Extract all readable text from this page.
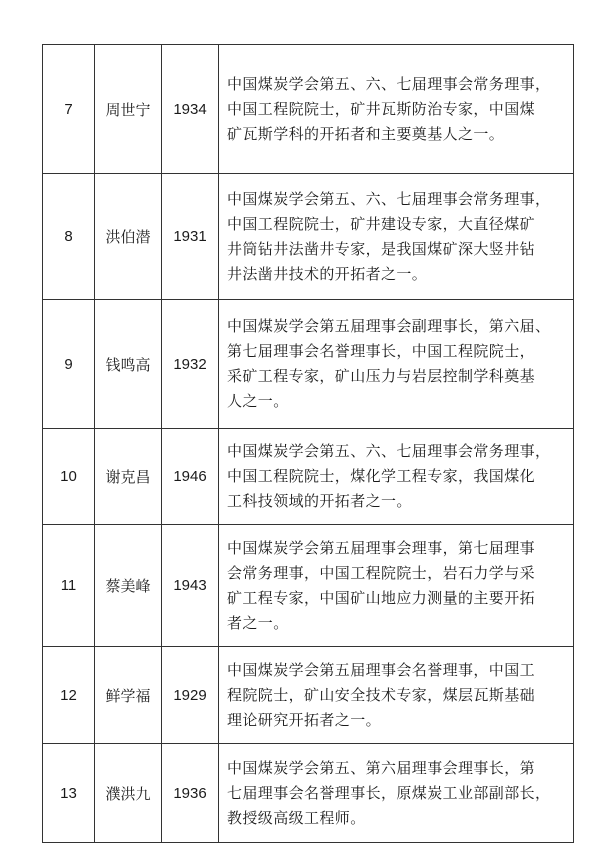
7	周世宁	1934	中国煤炭学会第五、六、七届理事会常务理事，
中国工程院院士，矿井瓦斯防治专家，中国煤
矿瓦斯学科的开拓者和主要奠基人之一。

8	洪伯潜	1931	中国煤炭学会第五、六、七届理事会常务理事，
中国工程院院士，矿井建设专家，大直径煤矿
井筒钻井法凿井专家，是我国煤矿深大竖井钻
井法凿井技术的开拓者之一。

9	钱鸣高	1932	中国煤炭学会第五届理事会副理事长，第六届、
第七届理事会名誉理事长，中国工程院院士，
采矿工程专家，矿山压力与岩层控制学科奠基
人之一。

10	谢克昌	1946	中国煤炭学会第五、六、七届理事会常务理事，
中国工程院院士，煤化学工程专家，我国煤化
工科技领域的开拓者之一。

11	蔡美峰	1943	中国煤炭学会第五届理事会理事，第七届理事
会常务理事，中国工程院院士，岩石力学与采
矿工程专家，中国矿山地应力测量的主要开拓
者之一。

12	鲜学福	1929	中国煤炭学会第五届理事会名誉理事，中国工
程院院士，矿山安全技术专家，煤层瓦斯基础
理论研究开拓者之一。

13	濮洪九	1936	中国煤炭学会第五、第六届理事会理事长，第
七届理事会名誉理事长，原煤炭工业部副部长，
教授级高级工程师。
